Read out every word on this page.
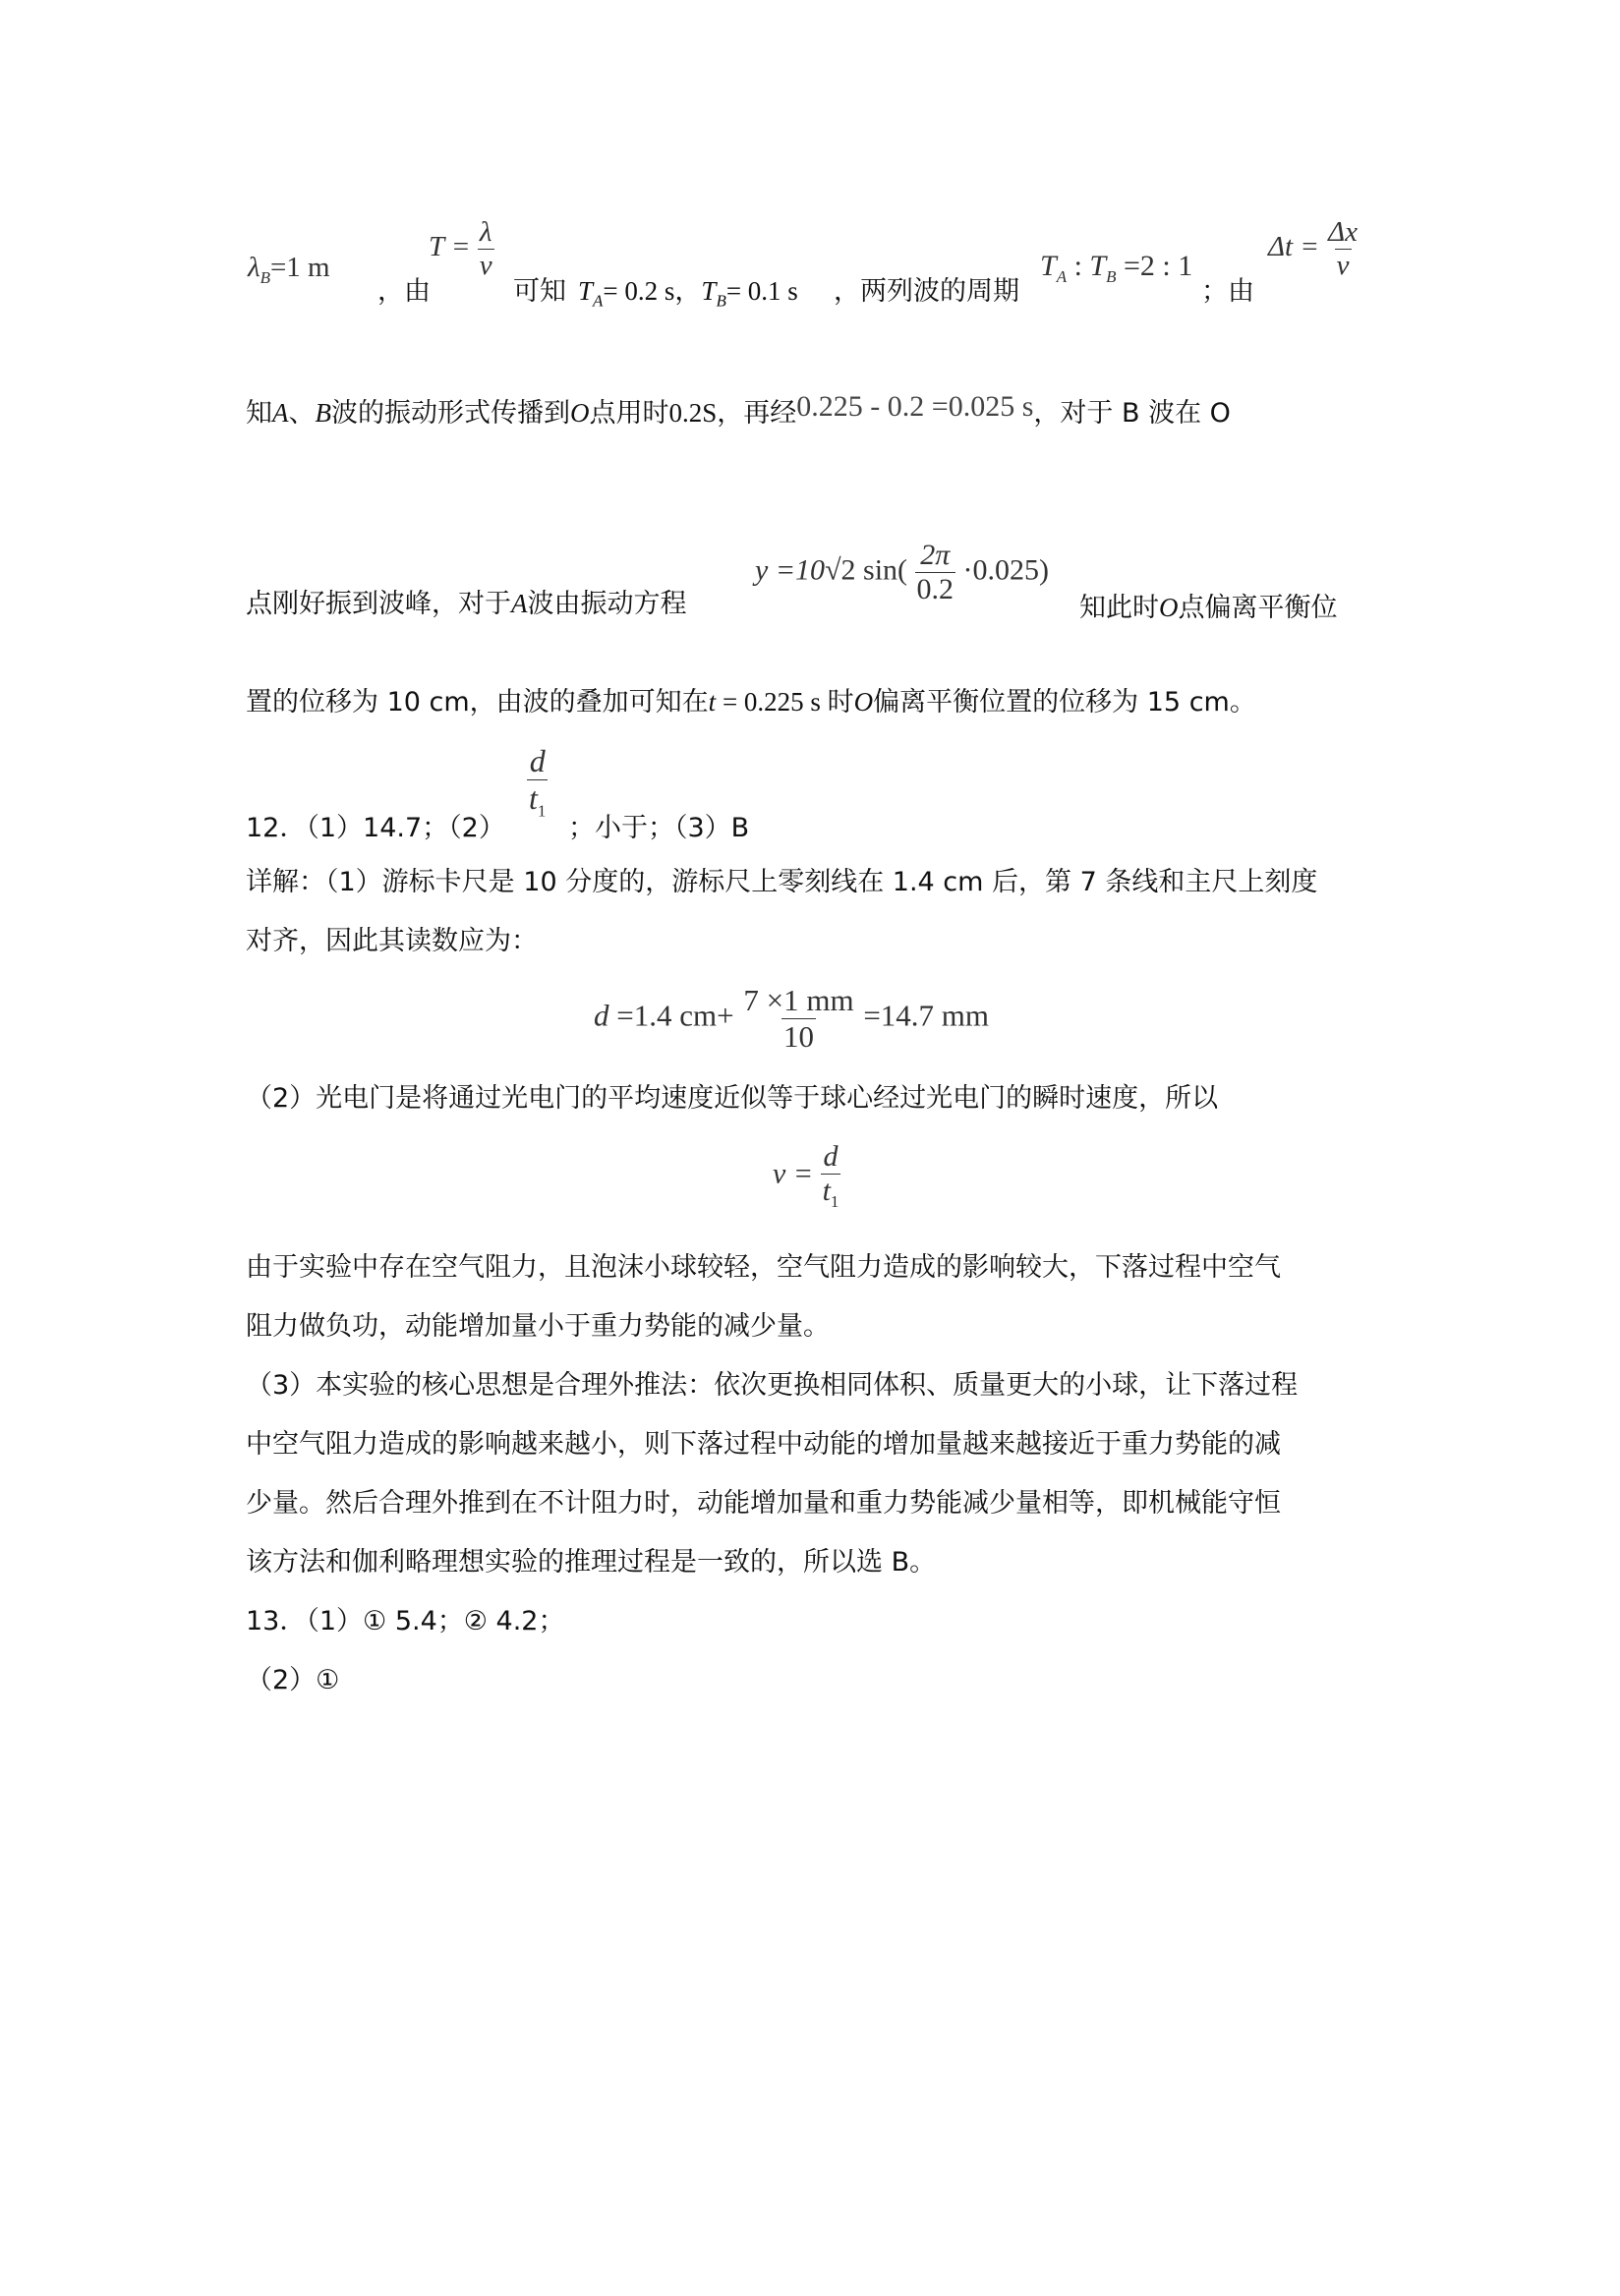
$\lambda_B=1$ m
，由
$T = \frac{\lambda}{v}$
可知 $T_A= 0.2$ s，$T_B= 0.1$ s ，两列波的周期
$T_A$ : $T_B =2$ : 1
；由
$\Delta t = \frac{\Delta x}{v}$
知A、B波的振动形式传播到O点用时0.2S，再经0.225 - 0.2 =0.025 s，对于 B 波在 O
点刚好振到波峰，对于A波由振动方程
y =10√2 $\sin( \frac{2\pi}{0.2} \cdot 0.025)$
知此时O点偏离平衡位
置的位移为 10 cm，由波的叠加可知在t = 0.225 s 时O偏离平衡位置的位移为 15 cm。
12．（1）14.7；（2）
$\frac{d}{t_1}$
；小于；（3）B
详解：（1）游标卡尺是 10 分度的，游标尺上零刻线在 1.4 cm 后，第 7 条线和主尺上刻度
对齐，因此其读数应为：
d =1.4 $cm+ \frac{7 \times 1 mm}{10} =14.7$ mm
（2）光电门是将通过光电门的平均速度近似等于球心经过光电门的瞬时速度，所以
$v = \frac{d}{t_1}$
由于实验中存在空气阻力，且泡沫小球较轻，空气阻力造成的影响较大，下落过程中空气
阻力做负功，动能增加量小于重力势能的减少量。
（3）本实验的核心思想是合理外推法：依次更换相同体积、质量更大的小球，让下落过程
中空气阻力造成的影响越来越小，则下落过程中动能的增加量越来越接近于重力势能的减
少量。然后合理外推到在不计阻力时，动能增加量和重力势能减少量相等，即机械能守恒
该方法和伽利略理想实验的推理过程是一致的，所以选 B。
13．（1）① 5.4；② 4.2；
（2）①
